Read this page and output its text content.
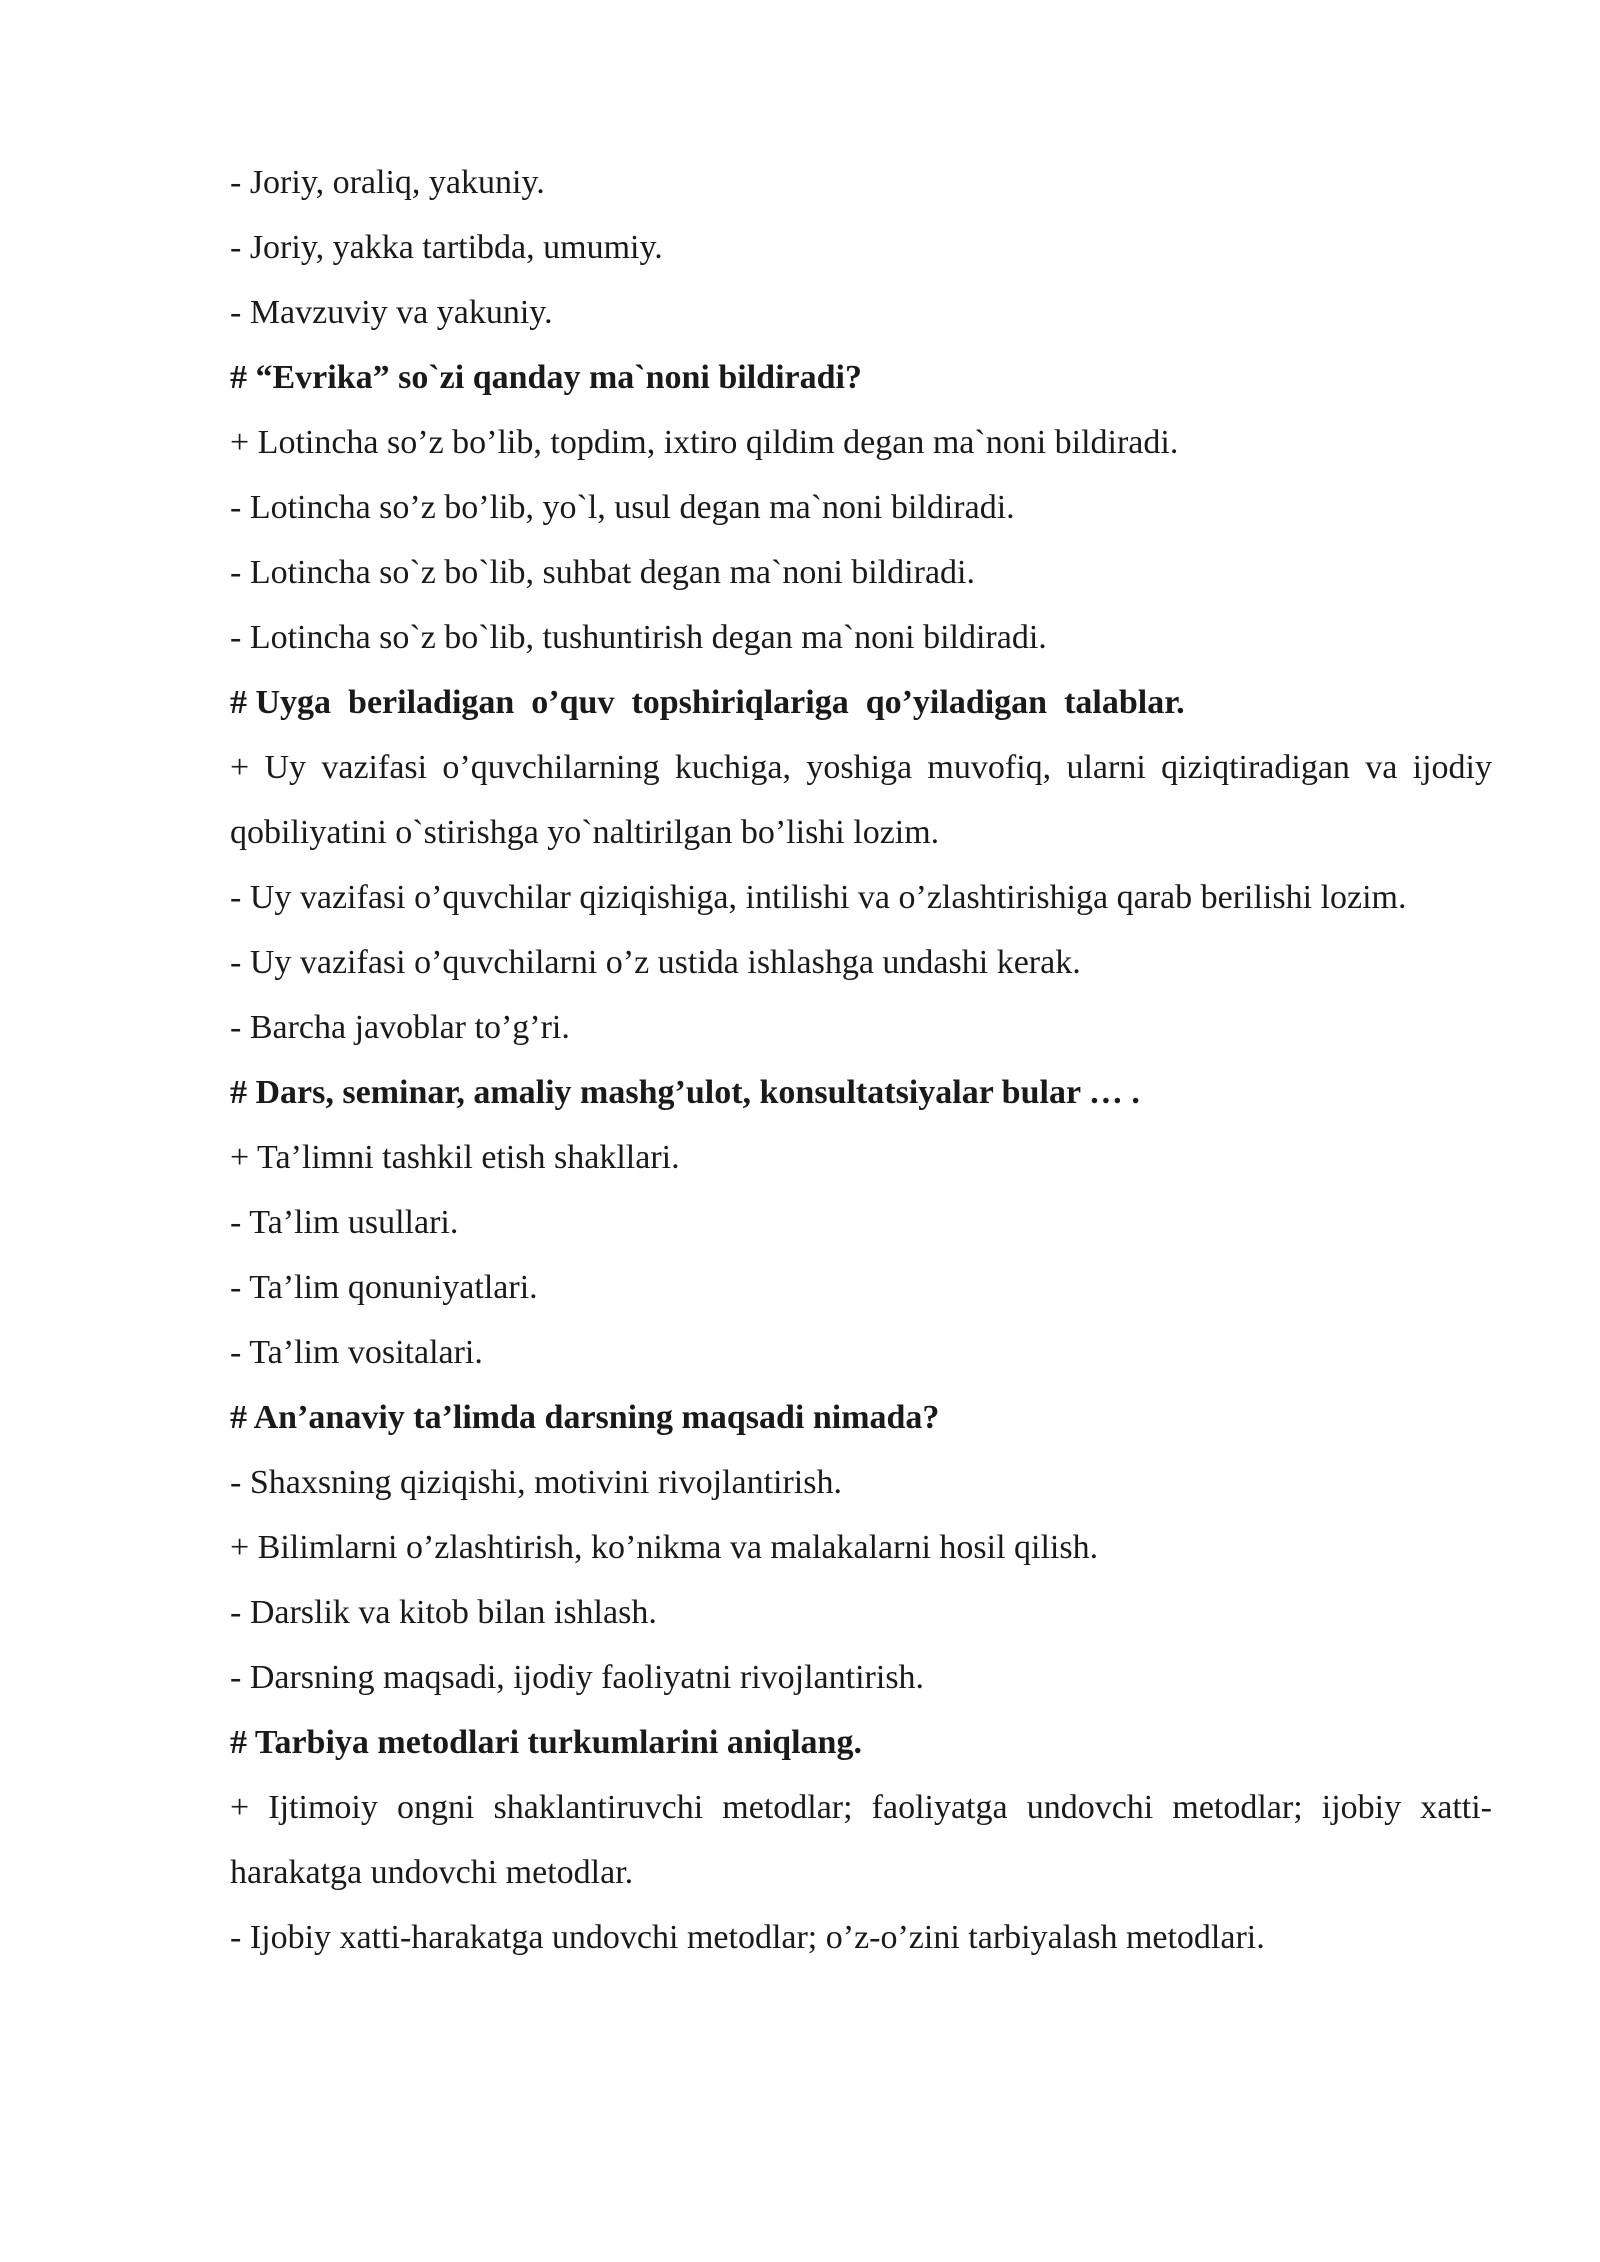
- Joriy, oraliq, yakuniy.

- Joriy, yakka tartibda, umumiy.

- Mavzuviy va yakuniy.

# “Evrika” so`zi qanday ma`noni bildiradi?

+ Lotincha so’z bo’lib, topdim, ixtiro qildim degan ma`noni bildiradi.

- Lotincha so’z bo’lib, yo`l, usul degan ma`noni bildiradi.

- Lotincha so`z bo`lib, suhbat degan ma`noni bildiradi.

- Lotincha so`z bo`lib, tushuntirish degan ma`noni bildiradi.

# Uyga  beriladigan  o’quv  topshiriqlariga  qo’yiladigan  talablar.

+ Uy vazifasi o’quvchilarning kuchiga, yoshiga muvofiq, ularni qiziqtiradigan va ijodiy qobiliyatini o`stirishga yo`naltirilgan bo’lishi lozim.

- Uy vazifasi o’quvchilar qiziqishiga, intilishi va o’zlashtirishiga qarab berilishi lozim.

- Uy vazifasi o’quvchilarni o’z ustida ishlashga undashi kerak.

- Barcha javoblar to’g’ri.

# Dars, seminar, amaliy mashg’ulot, konsultatsiyalar bular … .

+ Ta’limni tashkil etish shakllari.

- Ta’lim usullari.

- Ta’lim qonuniyatlari.

- Ta’lim vositalari.

# An’anaviy ta’limda darsning maqsadi nimada?

- Shaxsning qiziqishi, motivini rivojlantirish.

+ Bilimlarni o’zlashtirish, ko’nikma va malakalarni hosil qilish.

- Darslik va kitob bilan ishlash.

- Darsning maqsadi, ijodiy faoliyatni rivojlantirish.

# Tarbiya metodlari turkumlarini aniqlang.

+ Ijtimoiy ongni shaklantiruvchi metodlar; faoliyatga undovchi metodlar; ijobiy xatti-harakatga undovchi metodlar.

- Ijobiy xatti-harakatga undovchi metodlar; o’z-o’zini tarbiyalash metodlari.
